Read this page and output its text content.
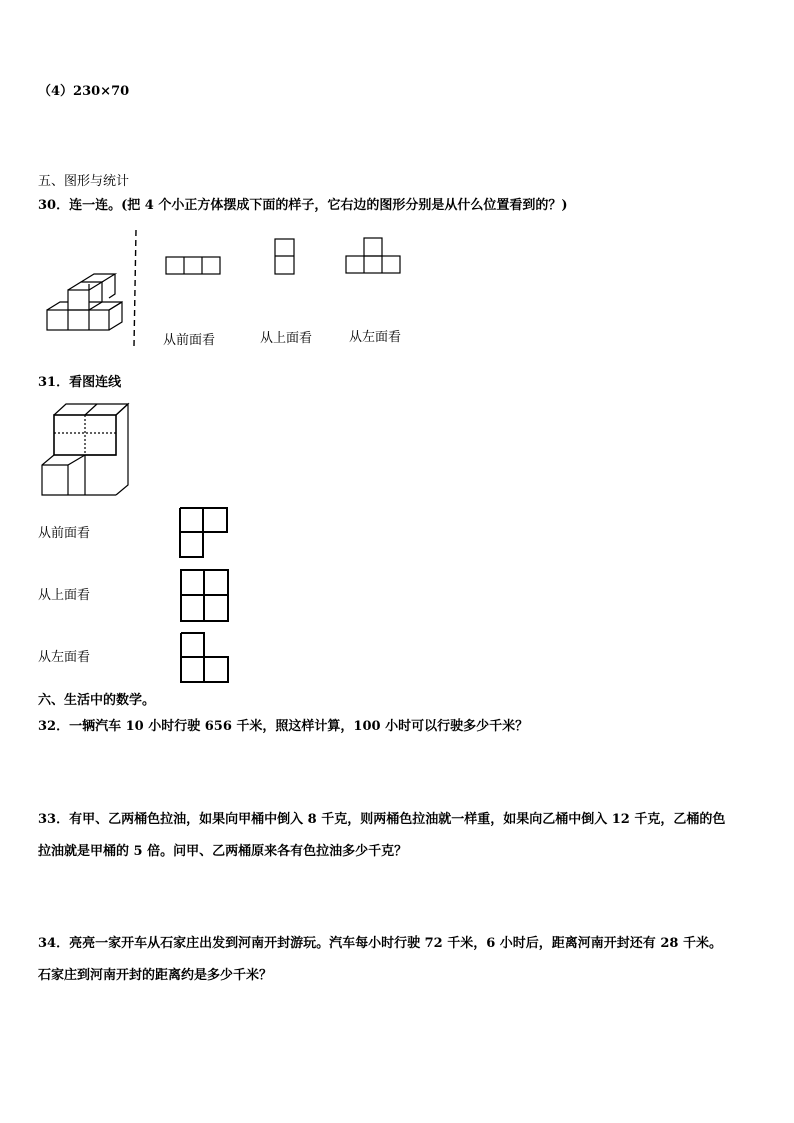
（4）230×70
五、图形与统计
30．连一连。(把 4 个小正方体摆成下面的样子，它右边的图形分别是从什么位置看到的？)
从前面看	从上面看	从左面看
31．看图连线
从前面看
从上面看
从左面看
六、生活中的数学。
32．一辆汽车 10 小时行驶 656 千米，照这样计算，100 小时可以行驶多少千米？
33．有甲、乙两桶色拉油，如果向甲桶中倒入 8 千克，则两桶色拉油就一样重，如果向乙桶中倒入 12 千克，乙桶的色
拉油就是甲桶的 5 倍。问甲、乙两桶原来各有色拉油多少千克？
34．亮亮一家开车从石家庄出发到河南开封游玩。汽车每小时行驶 72 千米，6 小时后，距离河南开封还有 28 千米。
石家庄到河南开封的距离约是多少千米？
